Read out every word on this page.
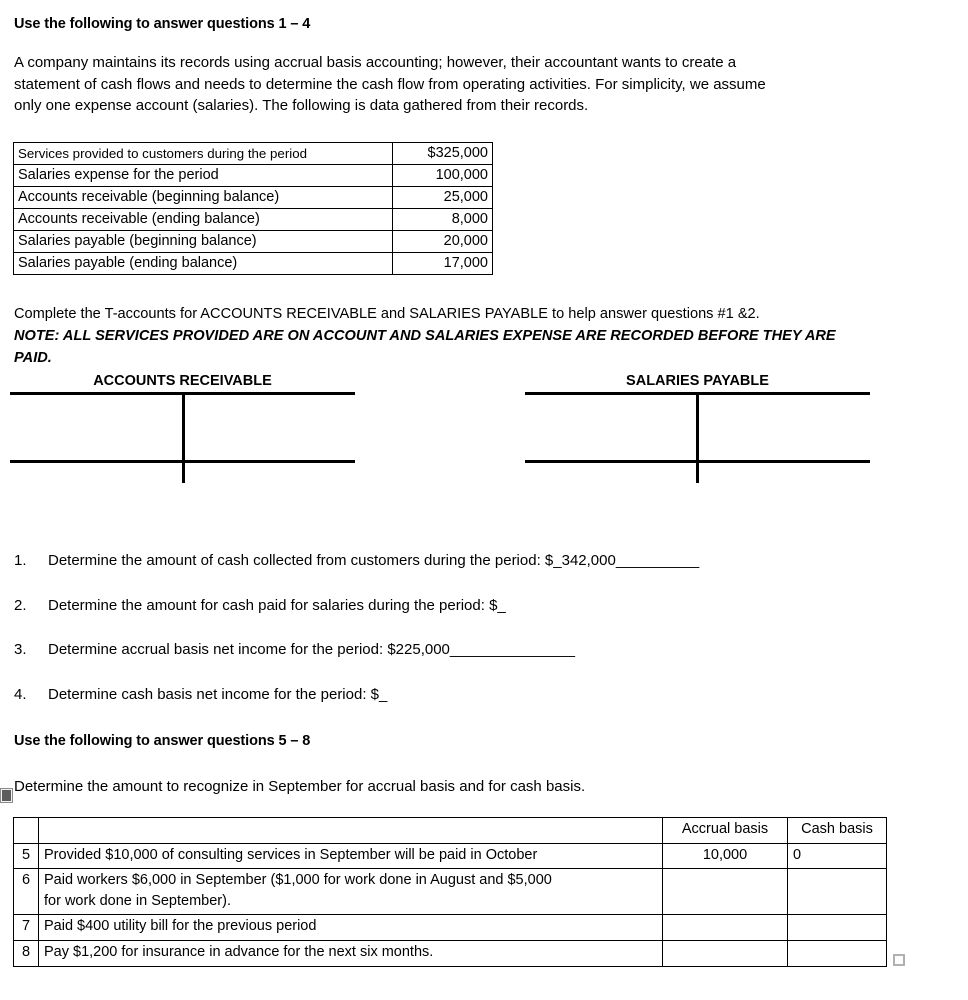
Use the following to answer questions 1 – 4
A company maintains its records using accrual basis accounting; however, their accountant wants to create a
statement of cash flows and needs to determine the cash flow from operating activities. For simplicity, we assume
only one expense account (salaries). The following is data gathered from their records.
Services provided to customers during the period	$325,000
Salaries expense for the period	100,000
Accounts receivable (beginning balance)	25,000
Accounts receivable (ending balance)	8,000
Salaries payable (beginning balance)	20,000
Salaries payable (ending balance)	17,000
Complete the T-accounts for ACCOUNTS RECEIVABLE and SALARIES PAYABLE to help answer questions #1 &2.
NOTE: ALL SERVICES PROVIDED ARE ON ACCOUNT AND SALARIES EXPENSE ARE RECORDED BEFORE THEY ARE
PAID.
ACCOUNTS RECEIVABLE	SALARIES PAYABLE
1.	Determine the amount of cash collected from customers during the period: $_342,000__________
2.	Determine the amount for cash paid for salaries during the period: $_
3.	Determine accrual basis net income for the period: $225,000_______________
4.	Determine cash basis net income for the period: $_
Use the following to answer questions 5 – 8
Determine the amount to recognize in September for accrual basis and for cash basis.
		Accrual basis	Cash basis
5	Provided $10,000 of consulting services in September will be paid in October	10,000	0
6	Paid workers $6,000 in September ($1,000 for work done in August and $5,000
for work done in September).		

7	Paid $400 utility bill for the previous period		

8	Pay $1,200 for insurance in advance for the next six months.		
